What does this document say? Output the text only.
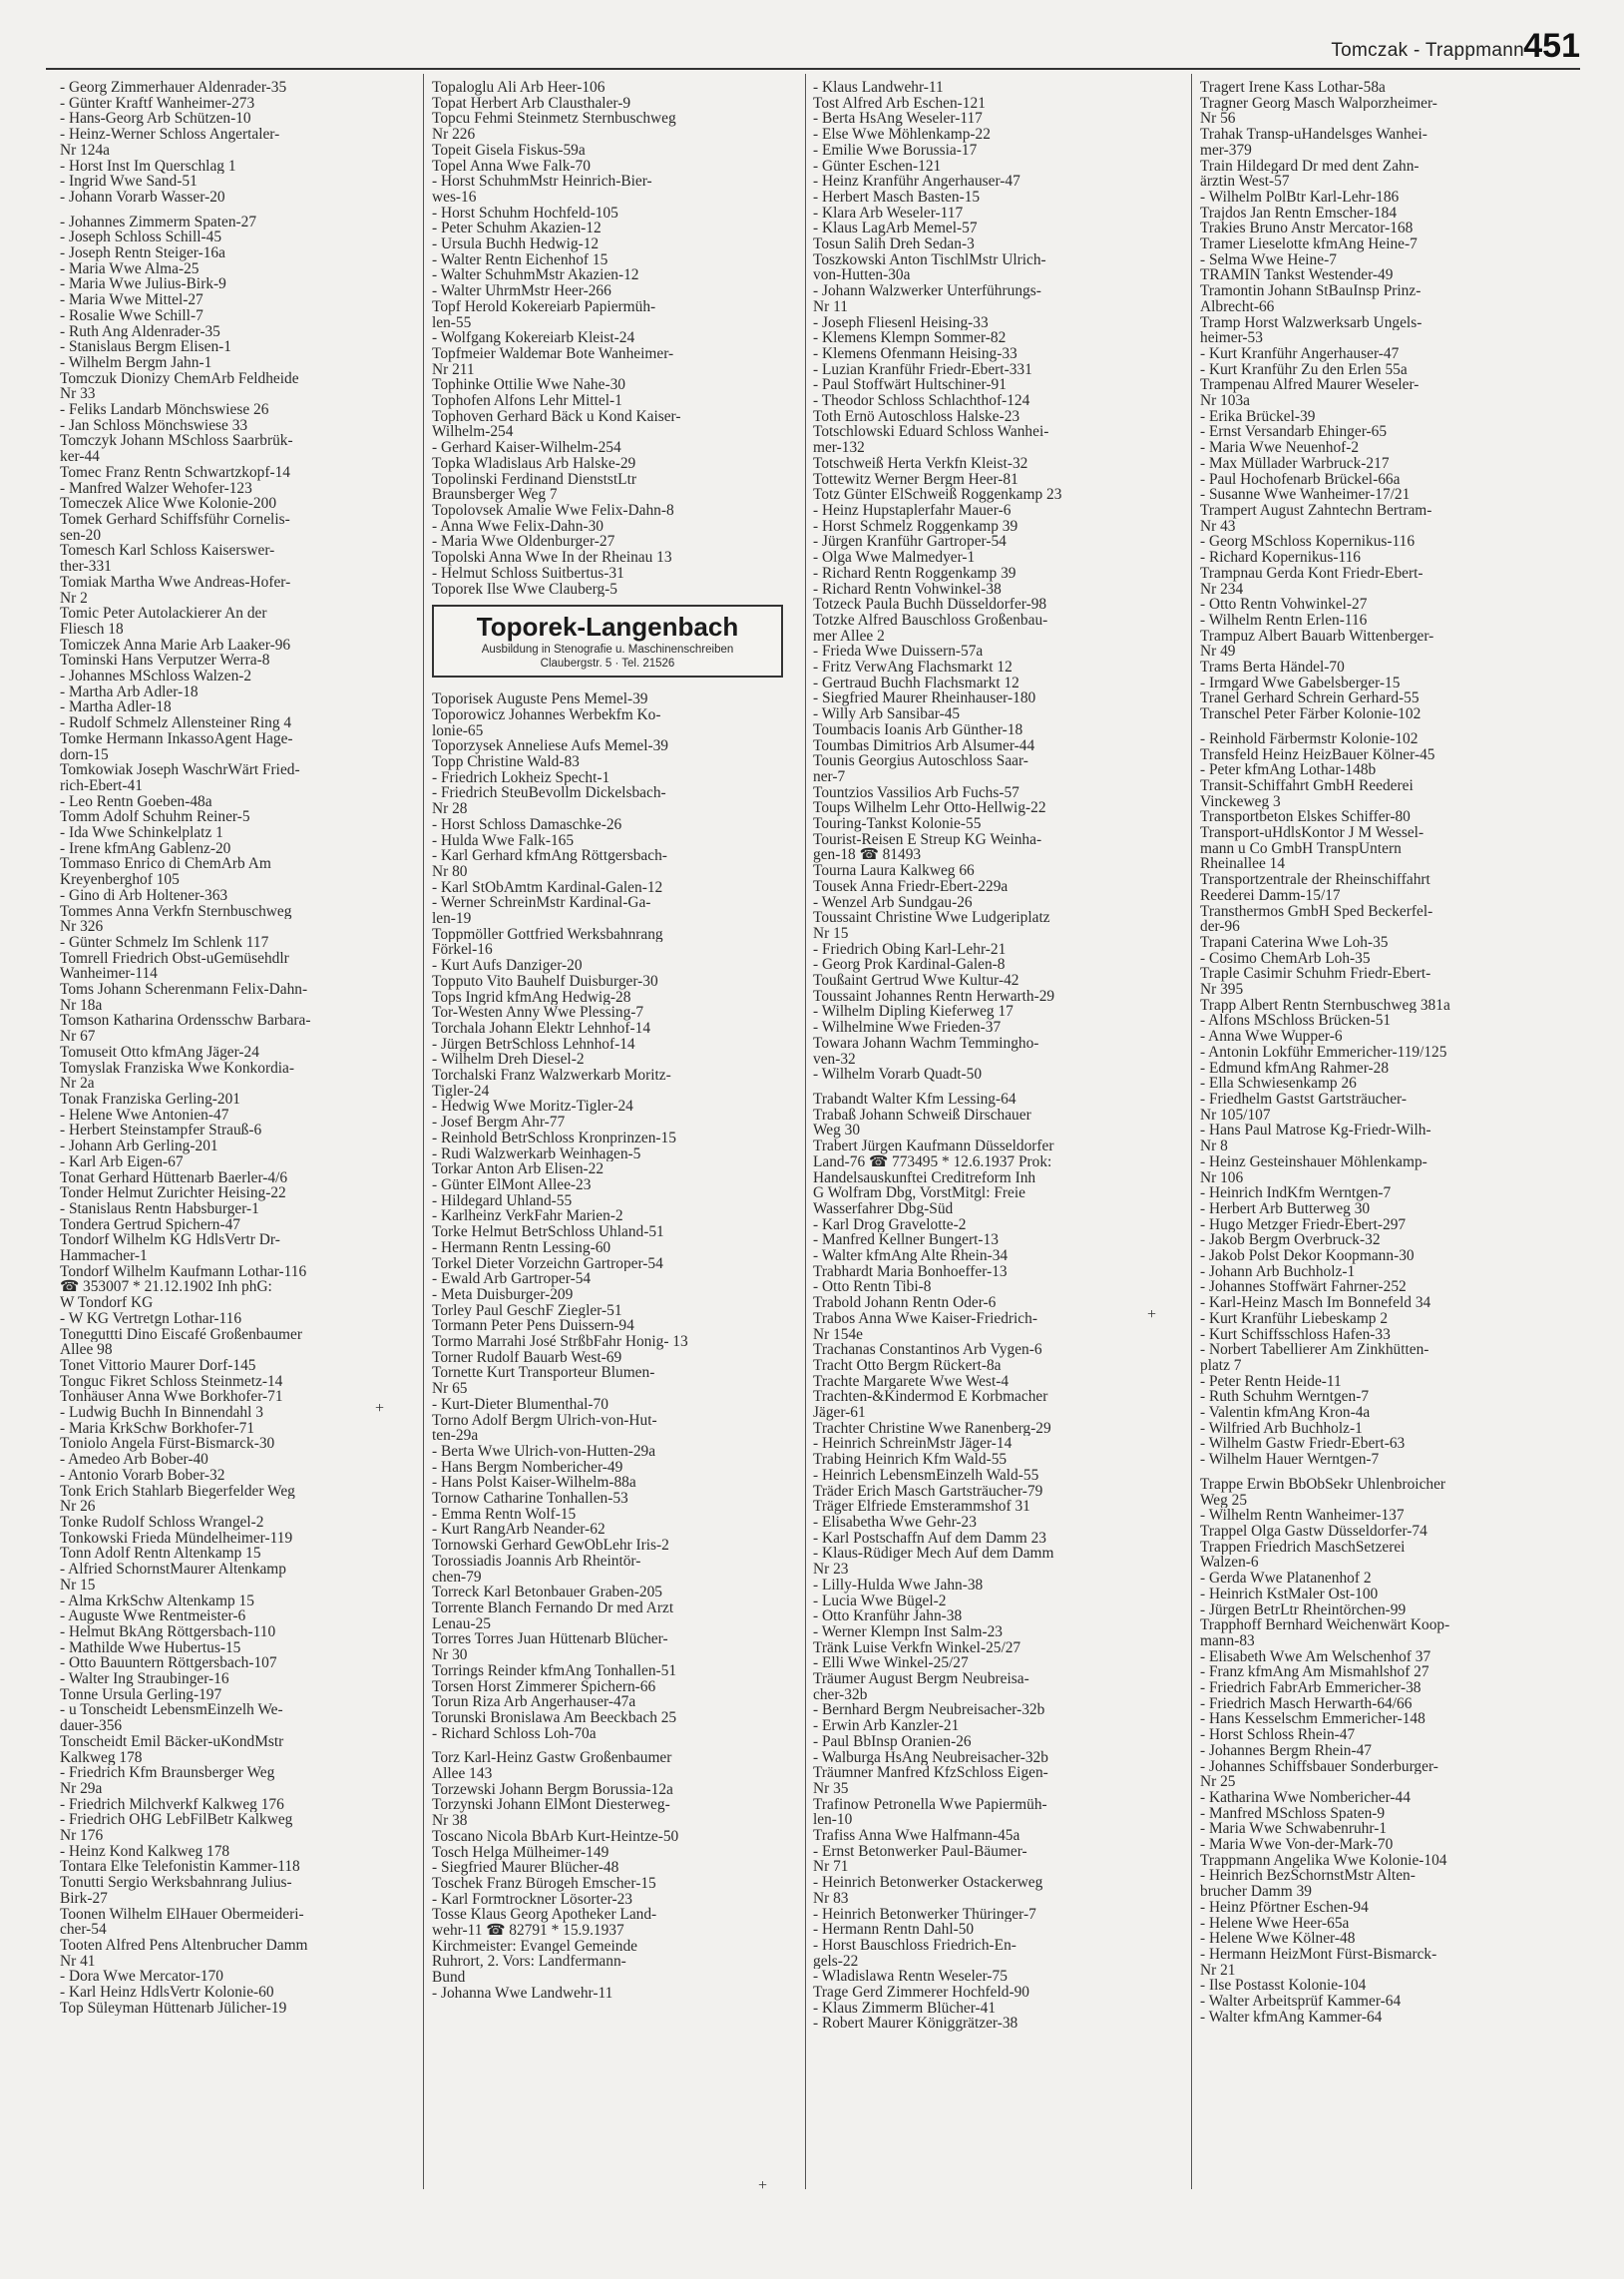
Tomczak - Trappmann 451
- Georg Zimmerhauer Aldenrader-35
- Günter Kraftf Wanheimer-273
- Hans-Georg Arb Schützen-10
- Heinz-Werner Schloss Angertaler-
Nr 124a
- Horst Inst Im Querschlag 1
- Ingrid Wwe Sand-51
- Johann Vorarb Wasser-20
- Johannes Zimmerm Spaten-27
- Joseph Schloss Schill-45
- Joseph Rentn Steiger-16a
- Maria Wwe Alma-25
- Maria Wwe Julius-Birk-9
- Maria Wwe Mittel-27
- Rosalie Wwe Schill-7
- Ruth Ang Aldenrader-35
- Stanislaus Bergm Elisen-1
- Wilhelm Bergm Jahn-1
Tomczuk Dionizy ChemArb Feldheide
Nr 33
- Feliks Landarb Mönchswiese 26
- Jan Schloss Mönchswiese 33
Tomczyk Johann MSchloss Saarbrük-
ker-44
Tomec Franz Rentn Schwartzkopf-14
- Manfred Walzer Wehofer-123
Tomeczek Alice Wwe Kolonie-200
Tomek Gerhard Schiffsführ Cornelis-
sen-20
Tomesch Karl Schloss Kaiserswer-
ther-331
Tomiak Martha Wwe Andreas-Hofer-
Nr 2
Tomic Peter Autolackierer An der
Fliesch 18
Tomiczek Anna Marie Arb Laaker-96
Tominski Hans Verputzer Werra-8
- Johannes MSchloss Walzen-2
- Martha Arb Adler-18
- Martha Adler-18
- Rudolf Schmelz Allensteiner Ring 4
Tomke Hermann InkassoAgent Hage-
dorn-15
Tomkowiak Joseph WaschrWärt Fried-
rich-Ebert-41
- Leo Rentn Goeben-48a
Tomm Adolf Schuhm Reiner-5
- Ida Wwe Schinkelplatz 1
- Irene kfmAng Gablenz-20
Tommaso Enrico di ChemArb Am
Kreyenberghof 105
- Gino di Arb Holtener-363
Tommes Anna Verkfn Sternbuschweg
Nr 326
- Günter Schmelz Im Schlenk 117
Tomrell Friedrich Obst-uGemüsehdlr
Wanheimer-114
Toms Johann Scherenmann Felix-Dahn-
Nr 18a
Tomson Katharina Ordensschw Barbara-
Nr 67
Tomuseit Otto kfmAng Jäger-24
Tomyslak Franziska Wwe Konkordia-
Nr 2a
Tonak Franziska Gerling-201
- Helene Wwe Antonien-47
- Herbert Steinstampfer Strauß-6
- Johann Arb Gerling-201
- Karl Arb Eigen-67
Tonat Gerhard Hüttenarb Baerler-4/6
Tonder Helmut Zurichter Heising-22
- Stanislaus Rentn Habsburger-1
Tondera Gertrud Spichern-47
Tondorf Wilhelm KG HdlsVertr Dr-
Hammacher-1
Tondorf Wilhelm Kaufmann Lothar-116
☎ 353007 * 21.12.1902 Inh phG:
W Tondorf KG
- W KG Vertretgn Lothar-116
Toneguttti Dino Eiscafé Großenbaumer
Allee 98
Tonet Vittorio Maurer Dorf-145
Tonguc Fikret Schloss Steinmetz-14
Tonhäuser Anna Wwe Borkhofer-71
- Ludwig Buchh In Binnendahl 3
- Maria KrkSchw Borkhofer-71
Toniolo Angela Fürst-Bismarck-30
- Amedeo Arb Bober-40
- Antonio Vorarb Bober-32
Tonk Erich Stahlarb Biegerfelder Weg
Nr 26
Tonke Rudolf Schloss Wrangel-2
Tonkowski Frieda Mündelheimer-119
Tonn Adolf Rentn Altenkamp 15
- Alfried SchornstMaurer Altenkamp
Nr 15
- Alma KrkSchw Altenkamp 15
- Auguste Wwe Rentmeister-6
- Helmut BkAng Röttgersbach-110
- Mathilde Wwe Hubertus-15
- Otto Bauuntern Röttgersbach-107
- Walter Ing Straubinger-16
Tonne Ursula Gerling-197
- u Tonscheidt LebensmEinzelh We-
dauer-356
Tonscheidt Emil Bäcker-uKondMstr
Kalkweg 178
- Friedrich Kfm Braunsberger Weg
Nr 29a
- Friedrich Milchverkf Kalkweg 176
- Friedrich OHG LebFilBetr Kalkweg
Nr 176
- Heinz Kond Kalkweg 178
Tontara Elke Telefonistin Kammer-118
Tonutti Sergio Werksbahnrang Julius-
Birk-27
Toonen Wilhelm ElHauer Obermeideri-
cher-54
Tooten Alfred Pens Altenbrucher Damm
Nr 41
- Dora Wwe Mercator-170
- Karl Heinz HdlsVertr Kolonie-60
Top Süleyman Hüttenarb Jülicher-19
Topaloglu Ali Arb Heer-106
Topat Herbert Arb Clausthaler-9
Topcu Fehmi Steinmetz Sternbuschweg
Nr 226
Topeit Gisela Fiskus-59a
Topel Anna Wwe Falk-70
- Horst SchuhmMstr Heinrich-Bier-
wes-16
- Horst Schuhm Hochfeld-105
- Peter Schuhm Akazien-12
- Ursula Buchh Hedwig-12
- Walter Rentn Eichenhof 15
- Walter SchuhmMstr Akazien-12
- Walter UhrmMstr Heer-266
Topf Herold Kokereiarb Papiermüh-
len-55
- Wolfgang Kokereiarb Kleist-24
Topfmeier Waldemar Bote Wanheimer-
Nr 211
Tophinke Ottilie Wwe Nahe-30
Tophofen Alfons Lehr Mittel-1
Tophoven Gerhard Bäck u Kond Kaiser-
Wilhelm-254
- Gerhard Kaiser-Wilhelm-254
Topka Wladislaus Arb Halske-29
Topolinski Ferdinand DienststLtr
Braunsberger Weg 7
Topolovsek Amalie Wwe Felix-Dahn-8
- Anna Wwe Felix-Dahn-30
- Maria Wwe Oldenburger-27
Topolski Anna Wwe In der Rheinau 13
- Helmut Schloss Suitbertus-31
Toporek Ilse Wwe Clauberg-5
Toporek-Langenbach
Ausbildung in Stenografie u. Maschinenschreiben
Claubergstr. 5 · Tel. 21526
Toporisek Auguste Pens Memel-39
Toporowicz Johannes Werbekfm Ko-
lonie-65
Toporzysek Anneliese Aufs Memel-39
Topp Christine Wald-83
- Friedrich Lokheiz Specht-1
- Friedrich SteuBevollm Dickelsbach-
Nr 28
- Horst Schloss Damaschke-26
- Hulda Wwe Falk-165
- Karl Gerhard kfmAng Röttgersbach-
Nr 80
- Karl StObAmtm Kardinal-Galen-12
- Werner SchreinMstr Kardinal-Ga-
len-19
Toppmöller Gottfried Werksbahnrang
Förkel-16
- Kurt Aufs Danziger-20
Topputo Vito Bauhelf Duisburger-30
Tops Ingrid kfmAng Hedwig-28
Tor-Westen Anny Wwe Plessing-7
Torchala Johann Elektr Lehnhof-14
- Jürgen BetrSchloss Lehnhof-14
- Wilhelm Dreh Diesel-2
Torchalski Franz Walzwerkarb Moritz-
Tigler-24
- Hedwig Wwe Moritz-Tigler-24
- Josef Bergm Ahr-77
- Reinhold BetrSchloss Kronprinzen-15
- Rudi Walzwerkarb Weinhagen-5
Torkar Anton Arb Elisen-22
- Günter ElMont Allee-23
- Hildegard Uhland-55
- Karlheinz VerkFahr Marien-2
Torke Helmut BetrSchloss Uhland-51
- Hermann Rentn Lessing-60
Torkel Dieter Vorzeichn Gartroper-54
- Ewald Arb Gartroper-54
- Meta Duisburger-209
Torley Paul GeschF Ziegler-51
Tormann Peter Pens Duissern-94
Tormo Marrahi José StrßbFahr Honig- 13
Torner Rudolf Bauarb West-69
Tornette Kurt Transporteur Blumen-
Nr 65
- Kurt-Dieter Blumenthal-70
Torno Adolf Bergm Ulrich-von-Hut-
ten-29a
- Berta Wwe Ulrich-von-Hutten-29a
- Hans Bergm Nombericher-49
- Hans Polst Kaiser-Wilhelm-88a
Tornow Catharine Tonhallen-53
- Emma Rentn Wolf-15
- Kurt RangArb Neander-62
Tornowski Gerhard GewObLehr Iris-2
Torossiadis Joannis Arb Rheintör-
chen-79
Torreck Karl Betonbauer Graben-205
Torrente Blanch Fernando Dr med Arzt
Lenau-25
Torres Torres Juan Hüttenarb Blücher-
Nr 30
Torrings Reinder kfmAng Tonhallen-51
Torsen Horst Zimmerer Spichern-66
Torun Riza Arb Angerhauser-47a
Torunski Bronislawa Am Beeckbach 25
- Richard Schloss Loh-70a
Torz Karl-Heinz Gastw Großenbaumer
Allee 143
Torzewski Johann Bergm Borussia-12a
Torzynski Johann ElMont Diesterweg-
Nr 38
Toscano Nicola BbArb Kurt-Heintze-50
Tosch Helga Mülheimer-149
- Siegfried Maurer Blücher-48
Toschek Franz Bürogeh Emscher-15
- Karl Formtrockner Lösorter-23
Tosse Klaus Georg Apotheker Land-
wehr-11 ☎ 82791 * 15.9.1937
Kirchmeister: Evangel Gemeinde
Ruhrort, 2. Vors: Landfermann-
Bund
- Johanna Wwe Landwehr-11
- Klaus Landwehr-11
Tost Alfred Arb Eschen-121
- Berta HsAng Weseler-117
- Else Wwe Möhlenkamp-22
- Emilie Wwe Borussia-17
- Günter Eschen-121
- Heinz Kranführ Angerhauser-47
- Herbert Masch Basten-15
- Klara Arb Weseler-117
- Klaus LagArb Memel-57
Tosun Salih Dreh Sedan-3
Toszkowski Anton TischlMstr Ulrich-
von-Hutten-30a
- Johann Walzwerker Unterführungs-
Nr 11
- Joseph Fliesenl Heising-33
- Klemens Klempn Sommer-82
- Klemens Ofenmann Heising-33
- Luzian Kranführ Friedr-Ebert-331
- Paul Stoffwärt Hultschiner-91
- Theodor Schloss Schlachthof-124
Toth Ernö Autoschloss Halske-23
Totschlowski Eduard Schloss Wanhei-
mer-132
Totschweiß Herta Verkfn Kleist-32
Tottewitz Werner Bergm Heer-81
Totz Günter ElSchweiß Roggenkamp 23
- Heinz Hupstaplerfahr Mauer-6
- Horst Schmelz Roggenkamp 39
- Jürgen Kranführ Gartroper-54
- Olga Wwe Malmedyer-1
- Richard Rentn Roggenkamp 39
- Richard Rentn Vohwinkel-38
Totzeck Paula Buchh Düsseldorfer-98
Totzke Alfred Bauschloss Großenbau-
mer Allee 2
- Frieda Wwe Duissern-57a
- Fritz VerwAng Flachsmarkt 12
- Gertraud Buchh Flachsmarkt 12
- Siegfried Maurer Rheinhauser-180
- Willy Arb Sansibar-45
Toumbacis Ioanis Arb Günther-18
Toumbas Dimitrios Arb Alsumer-44
Tounis Georgius Autoschloss Saar-
ner-7
Tountzios Vassilios Arb Fuchs-57
Toups Wilhelm Lehr Otto-Hellwig-22
Touring-Tankst Kolonie-55
Tourist-Reisen E Streup KG Weinha-
gen-18 ☎ 81493
Tourna Laura Kalkweg 66
Tousek Anna Friedr-Ebert-229a
- Wenzel Arb Sundgau-26
Toussaint Christine Wwe Ludgeriplatz
Nr 15
- Friedrich Obing Karl-Lehr-21
- Georg Prok Kardinal-Galen-8
Toußaint Gertrud Wwe Kultur-42
Toussaint Johannes Rentn Herwarth-29
- Wilhelm Dipling Kieferweg 17
- Wilhelmine Wwe Frieden-37
Towara Johann Wachm Temmingho-
ven-32
- Wilhelm Vorarb Quadt-50
Trabandt Walter Kfm Lessing-64
Trabaß Johann Schweiß Dirschauer
Weg 30
Trabert Jürgen Kaufmann Düsseldorfer
Land-76 ☎ 773495 * 12.6.1937 Prok:
Handelsauskunftei Creditreform Inh
G Wolfram Dbg, VorstMitgl: Freie
Wasserfahrer Dbg-Süd
- Karl Drog Gravelotte-2
- Manfred Kellner Bungert-13
- Walter kfmAng Alte Rhein-34
Trabhardt Maria Bonhoeffer-13
- Otto Rentn Tibi-8
Trabold Johann Rentn Oder-6
Trabos Anna Wwe Kaiser-Friedrich-
Nr 154e
Trachanas Constantinos Arb Vygen-6
Tracht Otto Bergm Rückert-8a
Trachte Margarete Wwe West-4
Trachten-&Kindermod E Korbmacher
Jäger-61
Trachter Christine Wwe Ranenberg-29
- Heinrich SchreinMstr Jäger-14
Trabing Heinrich Kfm Wald-55
- Heinrich LebensmEinzelh Wald-55
Träder Erich Masch Gartsträucher-79
Träger Elfriede Emsterammshof 31
- Elisabetha Wwe Gehr-23
- Karl Postschaffn Auf dem Damm 23
- Klaus-Rüdiger Mech Auf dem Damm
Nr 23
- Lilly-Hulda Wwe Jahn-38
- Lucia Wwe Bügel-2
- Otto Kranführ Jahn-38
- Werner Klempn Inst Salm-23
Tränk Luise Verkfn Winkel-25/27
- Elli Wwe Winkel-25/27
Träumer August Bergm Neubreisa-
cher-32b
- Bernhard Bergm Neubreisacher-32b
- Erwin Arb Kanzler-21
- Paul BbInsp Oranien-26
- Walburga HsAng Neubreisacher-32b
Träumner Manfred KfzSchloss Eigen-
Nr 35
Trafinow Petronella Wwe Papiermüh-
len-10
Trafiss Anna Wwe Halfmann-45a
- Ernst Betonwerker Paul-Bäumer-
Nr 71
- Heinrich Betonwerker Ostackerweg
Nr 83
- Heinrich Betonwerker Thüringer-7
- Hermann Rentn Dahl-50
- Horst Bauschloss Friedrich-En-
gels-22
- Wladislawa Rentn Weseler-75
Trage Gerd Zimmerer Hochfeld-90
- Klaus Zimmerm Blücher-41
- Robert Maurer Königgrätzer-38
Tragert Irene Kass Lothar-58a
Tragner Georg Masch Walporzheimer-
Nr 56
Trahak Transp-uHandelsges Wanhei-
mer-379
Train Hildegard Dr med dent Zahn-
ärztin West-57
- Wilhelm PolBtr Karl-Lehr-186
Trajdos Jan Rentn Emscher-184
Trakies Bruno Anstr Mercator-168
Tramer Lieselotte kfmAng Heine-7
- Selma Wwe Heine-7
TRAMIN Tankst Westender-49
Tramontin Johann StBauInsp Prinz-
Albrecht-66
Tramp Horst Walzwerksarb Ungels-
heimer-53
- Kurt Kranführ Angerhauser-47
- Kurt Kranführ Zu den Erlen 55a
Trampenau Alfred Maurer Weseler-
Nr 103a
- Erika Brückel-39
- Ernst Versandarb Ehinger-65
- Maria Wwe Neuenhof-2
- Max Müllader Warbruck-217
- Paul Hochofenarb Brückel-66a
- Susanne Wwe Wanheimer-17/21
Trampert August Zahntechn Bertram-
Nr 43
- Georg MSchloss Kopernikus-116
- Richard Kopernikus-116
Trampnau Gerda Kont Friedr-Ebert-
Nr 234
- Otto Rentn Vohwinkel-27
- Wilhelm Rentn Erlen-116
Trampuz Albert Bauarb Wittenberger-
Nr 49
Trams Berta Händel-70
- Irmgard Wwe Gabelsberger-15
Tranel Gerhard Schrein Gerhard-55
Transchel Peter Färber Kolonie-102
- Reinhold Färbermstr Kolonie-102
Transfeld Heinz HeizBauer Kölner-45
- Peter kfmAng Lothar-148b
Transit-Schiffahrt GmbH Reederei
Vinckeweg 3
Transportbeton Elskes Schiffer-80
Transport-uHdlsKontor J M Wessel-
mann u Co GmbH TranspUntern
Rheinallee 14
Transportzentrale der Rheinschiffahrt
Reederei Damm-15/17
Transthermos GmbH Sped Beckerfel-
der-96
Trapani Caterina Wwe Loh-35
- Cosimo ChemArb Loh-35
Traple Casimir Schuhm Friedr-Ebert-
Nr 395
Trapp Albert Rentn Sternbuschweg 381a
- Alfons MSchloss Brücken-51
- Anna Wwe Wupper-6
- Antonin Lokführ Emmericher-119/125
- Edmund kfmAng Rahmer-28
- Ella Schwiesenkamp 26
- Friedhelm Gastst Gartsträucher-
Nr 105/107
- Hans Paul Matrose Kg-Friedr-Wilh-
Nr 8
- Heinz Gesteinshauer Möhlenkamp-
Nr 106
- Heinrich IndKfm Werntgen-7
- Herbert Arb Butterweg 30
- Hugo Metzger Friedr-Ebert-297
- Jakob Bergm Overbruck-32
- Jakob Polst Dekor Koopmann-30
- Johann Arb Buchholz-1
- Johannes Stoffwärt Fahrner-252
- Karl-Heinz Masch Im Bonnefeld 34
- Kurt Kranführ Liebeskamp 2
- Kurt Schiffsschloss Hafen-33
- Norbert Tabellierer Am Zinkhütten-
platz 7
- Peter Rentn Heide-11
- Ruth Schuhm Werntgen-7
- Valentin kfmAng Kron-4a
- Wilfried Arb Buchholz-1
- Wilhelm Gastw Friedr-Ebert-63
- Wilhelm Hauer Werntgen-7
Trappe Erwin BbObSekr Uhlenbroicher
Weg 25
- Wilhelm Rentn Wanheimer-137
Trappel Olga Gastw Düsseldorfer-74
Trappen Friedrich MaschSetzerei
Walzen-6
- Gerda Wwe Platanenhof 2
- Heinrich KstMaler Ost-100
- Jürgen BetrLtr Rheintörchen-99
Trapphoff Bernhard Weichenwärt Koop-
mann-83
- Elisabeth Wwe Am Welschenhof 37
- Franz kfmAng Am Mismahlshof 27
- Friedrich FabrArb Emmericher-38
- Friedrich Masch Herwarth-64/66
- Hans Kesselschm Emmericher-148
- Horst Schloss Rhein-47
- Johannes Bergm Rhein-47
- Johannes Schiffsbauer Sonderburger-
Nr 25
- Katharina Wwe Nombericher-44
- Manfred MSchloss Spaten-9
- Maria Wwe Schwabenruhr-1
- Maria Wwe Von-der-Mark-70
Trappmann Angelika Wwe Kolonie-104
- Heinrich BezSchornstMstr Alten-
brucher Damm 39
- Heinz Pförtner Eschen-94
- Helene Wwe Heer-65a
- Helene Wwe Kölner-48
- Hermann HeizMont Fürst-Bismarck-
Nr 21
- Ilse Postasst Kolonie-104
- Walter Arbeitsprüf Kammer-64
- Walter kfmAng Kammer-64
+
+
+
